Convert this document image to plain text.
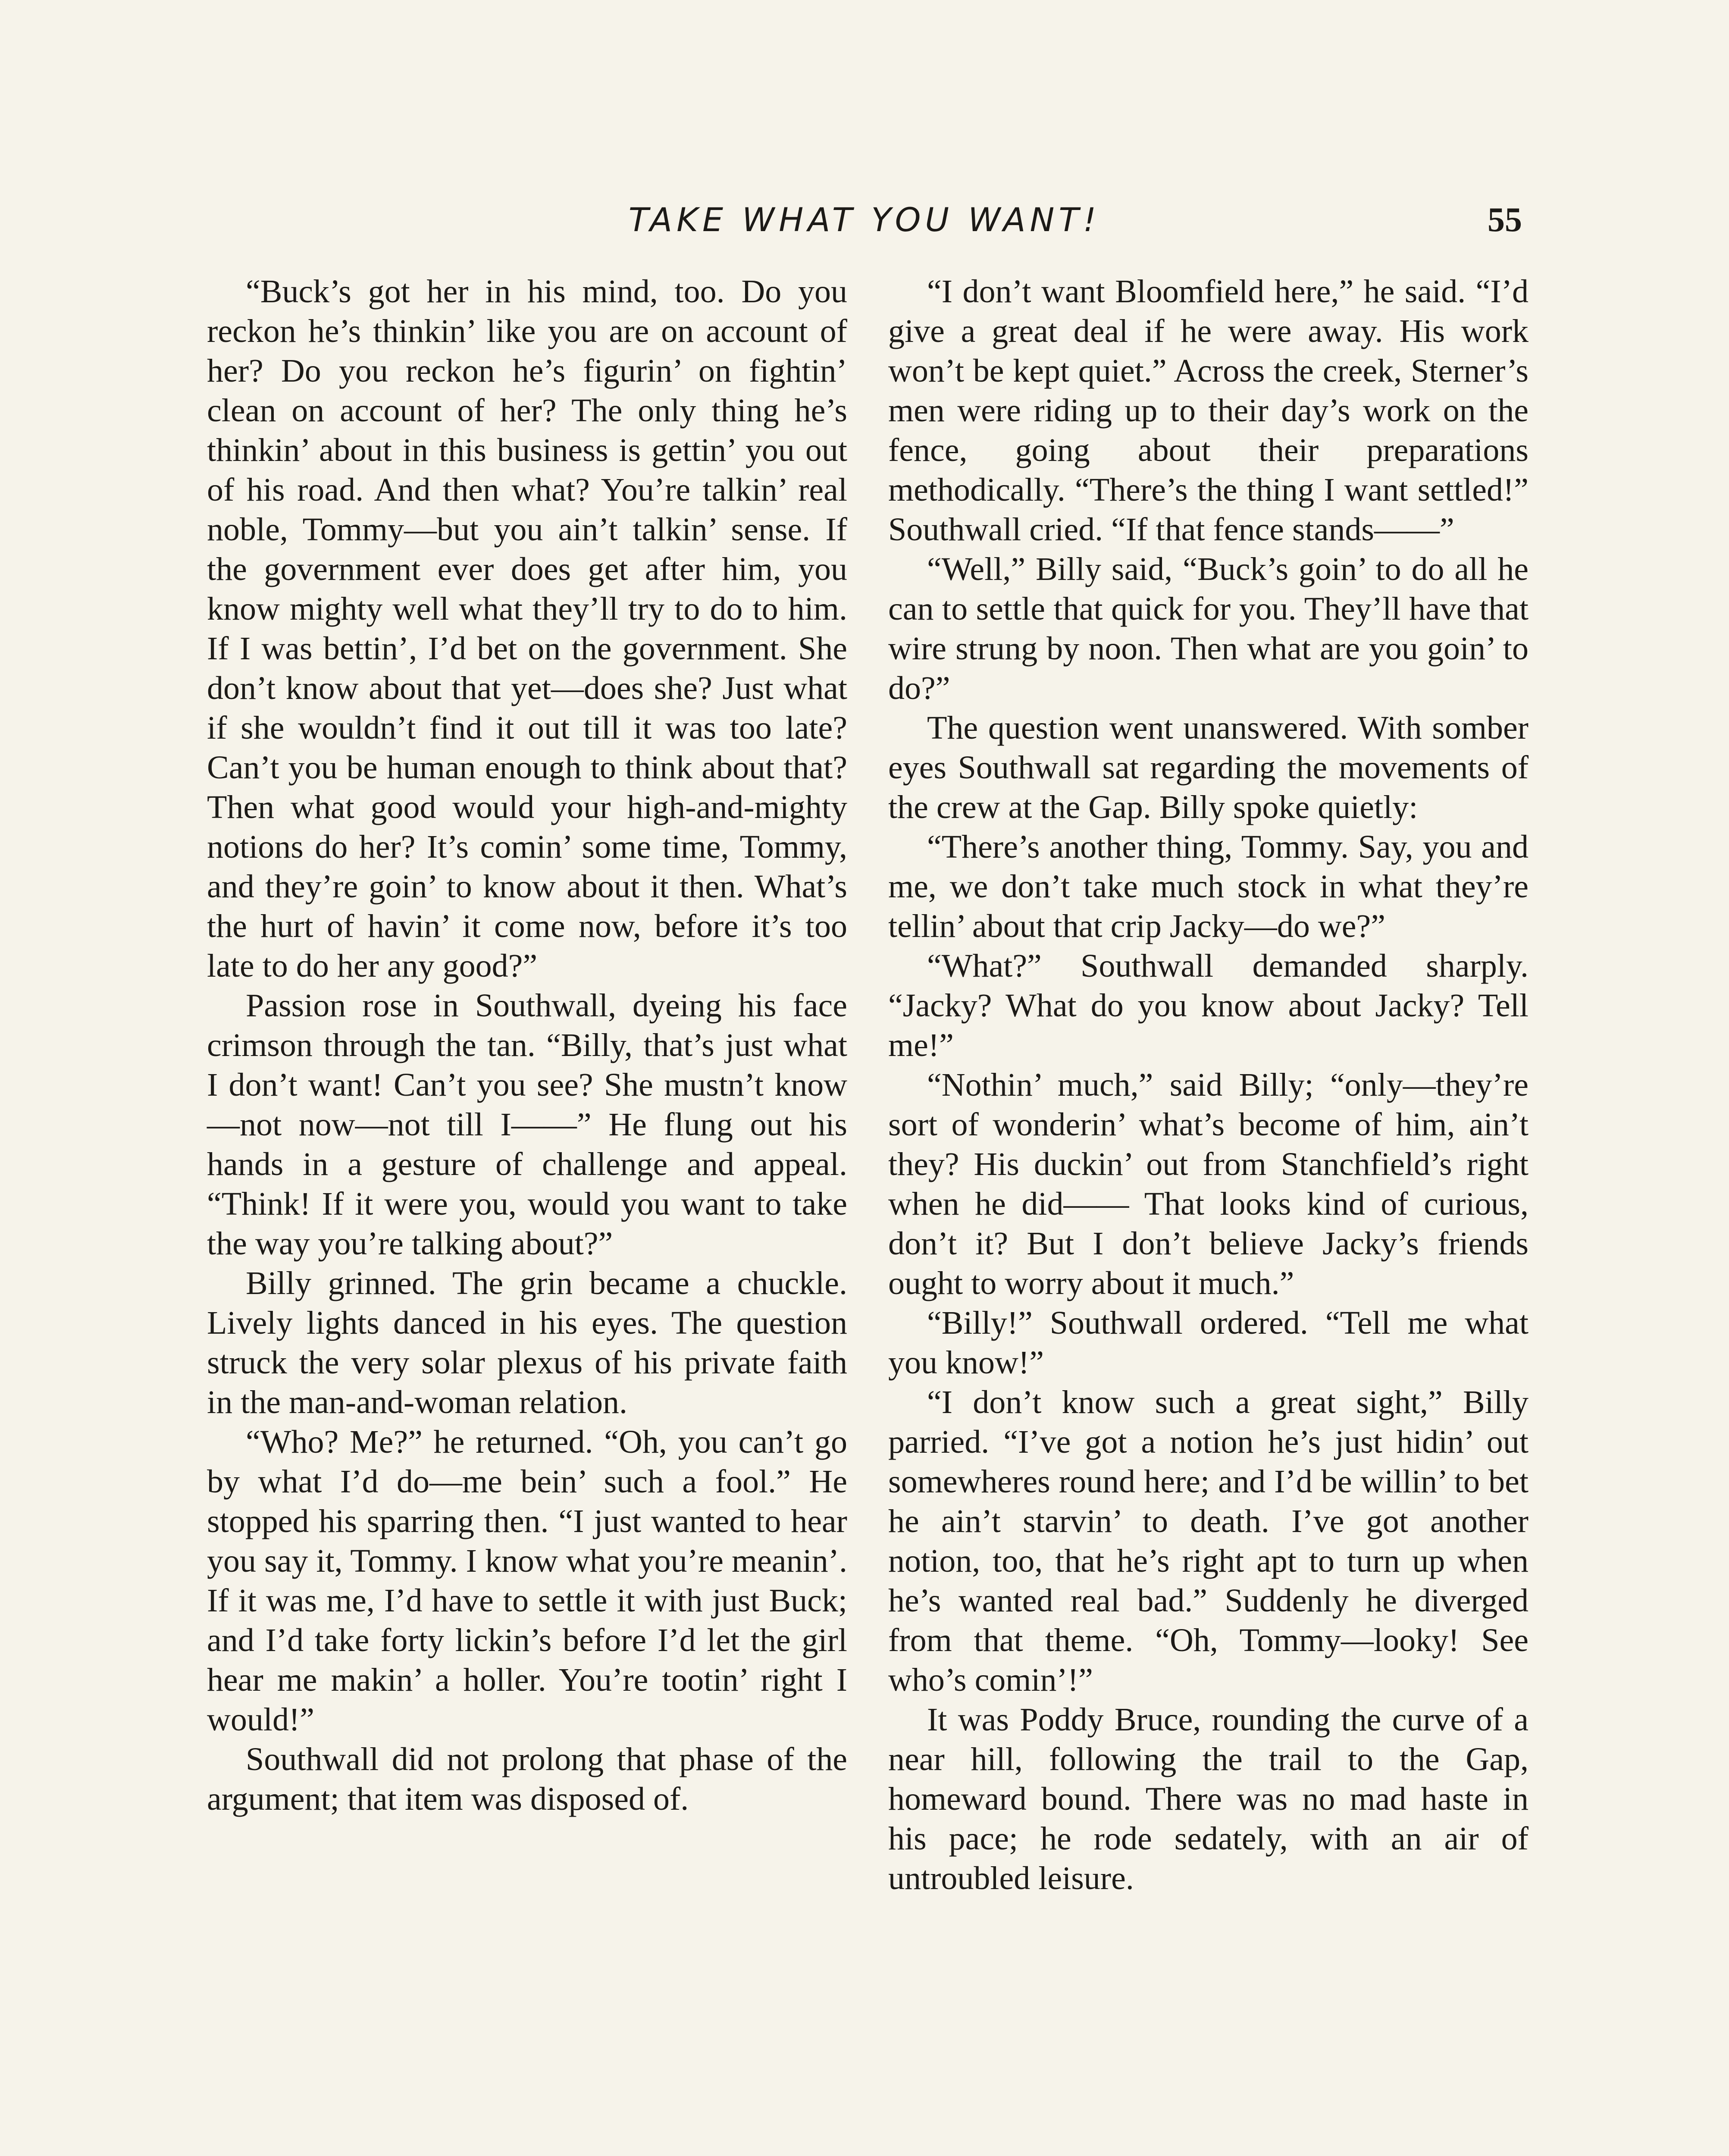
TAKE WHAT YOU WANT!	55

“Buck’s got her in his mind, too. Do you reckon he’s thinkin’ like you are on account of her? Do you reckon he’s figurin’ on fightin’ clean on account of her? The only thing he’s thinkin’ about in this business is gettin’ you out of his road. And then what? You’re talkin’ real noble, Tommy—but you ain’t talkin’ sense. If the government ever does get after him, you know mighty well what they’ll try to do to him. If I was bettin’, I’d bet on the government. She don’t know about that yet—does she? Just what if she wouldn’t find it out till it was too late? Can’t you be human enough to think about that? Then what good would your high-and-mighty notions do her? It’s comin’ some time, Tommy, and they’re goin’ to know about it then. What’s the hurt of havin’ it come now, before it’s too late to do her any good?”

Passion rose in Southwall, dyeing his face crimson through the tan. “Billy, that’s just what I don’t want! Can’t you see? She mustn’t know—not now—not till I——” He flung out his hands in a gesture of challenge and appeal. “Think! If it were you, would you want to take the way you’re talking about?”

Billy grinned. The grin became a chuckle. Lively lights danced in his eyes. The question struck the very solar plexus of his private faith in the man-and-woman relation.

“Who? Me?” he returned. “Oh, you can’t go by what I’d do—me bein’ such a fool.” He stopped his sparring then. “I just wanted to hear you say it, Tommy. I know what you’re meanin’. If it was me, I’d have to settle it with just Buck; and I’d take forty lickin’s before I’d let the girl hear me makin’ a holler. You’re tootin’ right I would!”

Southwall did not prolong that phase of the argument; that item was disposed of.

“I don’t want Bloomfield here,” he said. “I’d give a great deal if he were away. His work won’t be kept quiet.” Across the creek, Sterner’s men were riding up to their day’s work on the fence, going about their preparations methodically. “There’s the thing I want settled!” Southwall cried. “If that fence stands——”

“Well,” Billy said, “Buck’s goin’ to do all he can to settle that quick for you. They’ll have that wire strung by noon. Then what are you goin’ to do?”

The question went unanswered. With somber eyes Southwall sat regarding the movements of the crew at the Gap. Billy spoke quietly:

“There’s another thing, Tommy. Say, you and me, we don’t take much stock in what they’re tellin’ about that crip Jacky—do we?”

“What?” Southwall demanded sharply. “Jacky? What do you know about Jacky? Tell me!”

“Nothin’ much,” said Billy; “only—they’re sort of wonderin’ what’s become of him, ain’t they? His duckin’ out from Stanchfield’s right when he did—— That looks kind of curious, don’t it? But I don’t believe Jacky’s friends ought to worry about it much.”

“Billy!” Southwall ordered. “Tell me what you know!”

“I don’t know such a great sight,” Billy parried. “I’ve got a notion he’s just hidin’ out somewheres round here; and I’d be willin’ to bet he ain’t starvin’ to death. I’ve got another notion, too, that he’s right apt to turn up when he’s wanted real bad.” Suddenly he diverged from that theme. “Oh, Tommy—looky! See who’s comin’!”

It was Poddy Bruce, rounding the curve of a near hill, following the trail to the Gap, homeward bound. There was no mad haste in his pace; he rode sedately, with an air of untroubled leisure.
